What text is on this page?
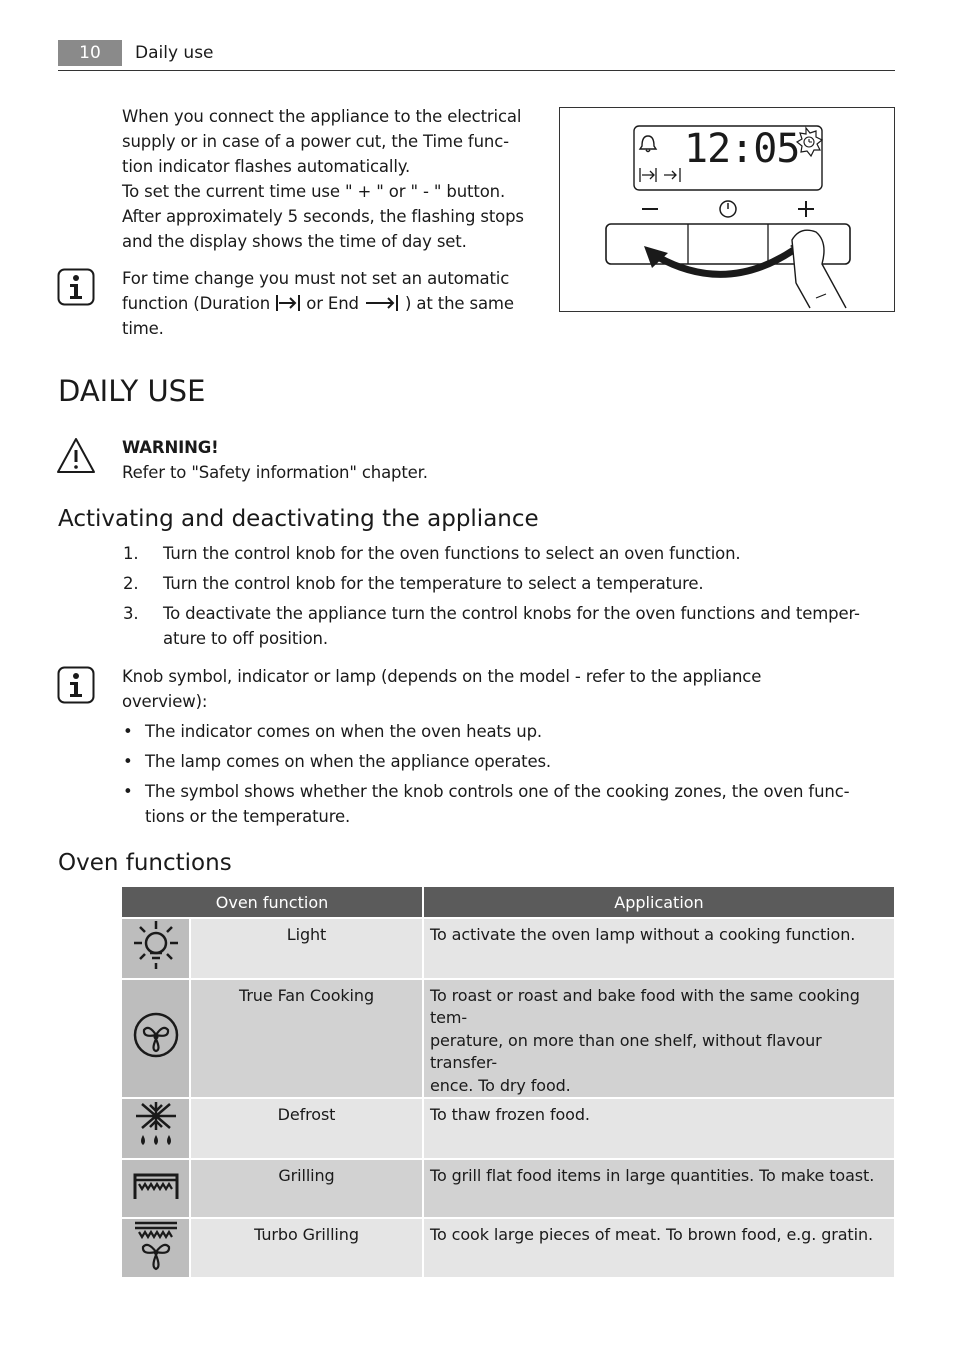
10	Daily use
When you connect the appliance to the electrical
supply or in case of a power cut, the Time func-
tion indicator flashes automatically.
To set the current time use " + " or " - " button.
After approximately 5 seconds, the flashing stops
and the display shows the time of day set.
For time change you must not set an automatic
function (Duration  or End  ) at the same
time.
12:05
DAILY USE
WARNING!
Refer to "Safety information" chapter.
Activating and deactivating the appliance
1. Turn the control knob for the oven functions to select an oven function.
2. Turn the control knob for the temperature to select a temperature.
3. To deactivate the appliance turn the control knobs for the oven functions and temper-
ature to off position.
Knob symbol, indicator or lamp (depends on the model - refer to the appliance
overview):
• The indicator comes on when the oven heats up.
• The lamp comes on when the appliance operates.
• The symbol shows whether the knob controls one of the cooking zones, the oven func-
tions or the temperature.
Oven functions
Oven function		Application
	Light	To activate the oven lamp without a cooking function.

	True Fan Cooking	To roast or roast and bake food with the same cooking tem-
perature, on more than one shelf, without flavour transfer-
ence. To dry food.

	Defrost	To thaw frozen food.

	Grilling	To grill flat food items in large quantities. To make toast.

	Turbo Grilling	To cook large pieces of meat. To brown food, e.g. gratin.
